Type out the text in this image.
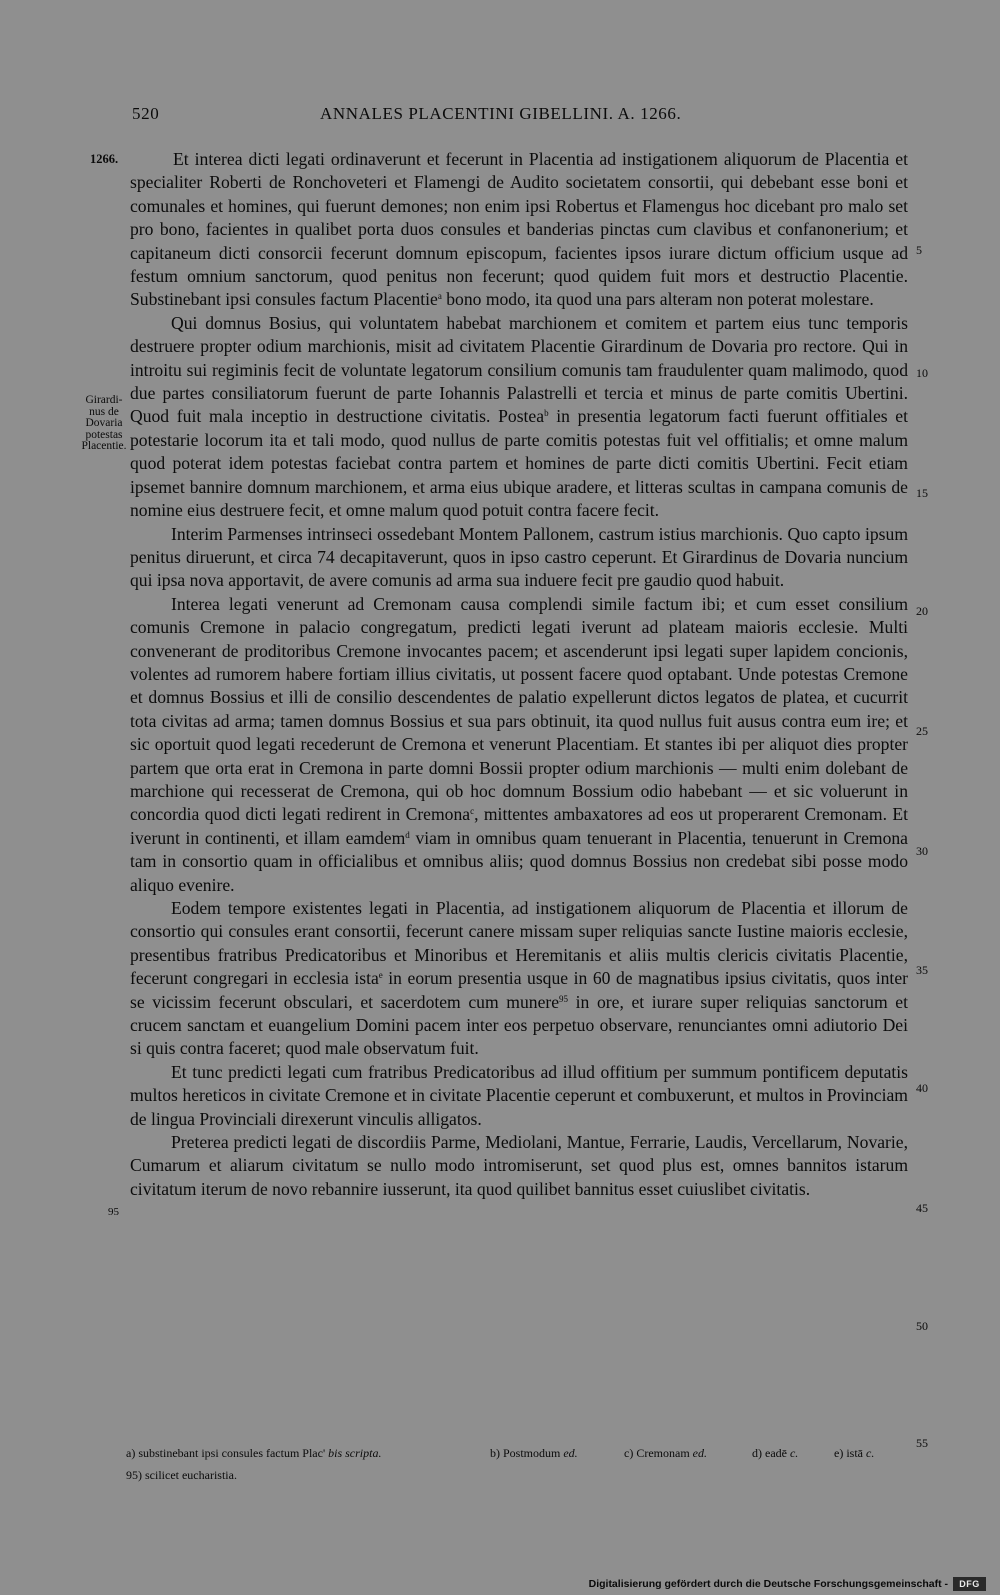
520	ANNALES PLACENTINI GIBELLINI. A. 1266.
1266.
Girardi-
nus de
Dovaria
potestas
Placentie.
95
5
10
15
20
25
30
35
40
45
50
55

Et interea dicti legati ordinaverunt et fecerunt in Placentia ad instigationem aliquorum de Placentia et specialiter Roberti de Ronchoveteri et Flamengi de Audito societatem consortii, qui debebant esse boni et comunales et homines, qui fuerunt demones; non enim ipsi Robertus et Flamengus hoc dicebant pro malo set pro bono, facientes in qualibet porta duos consules et banderias pinctas cum clavibus et confanonerium; et capitaneum dicti consorcii fecerunt domnum episcopum, facientes ipsos iurare dictum officium usque ad festum omnium sanctorum, quod penitus non fecerunt; quod quidem fuit mors et destructio Placentie. Substinebant ipsi consules factum Placentie$^a$ bono modo, ita quod una pars alteram non poterat molestare.

Qui domnus Bosius, qui voluntatem habebat marchionem et comitem et partem eius tunc temporis destruere propter odium marchionis, misit ad civitatem Placentie Girardinum de Dovaria pro rectore. Qui in introitu sui regiminis fecit de voluntate legatorum consilium comunis tam fraudulenter quam malimodo, quod due partes consiliatorum fuerunt de parte Iohannis Palastrelli et tercia et minus de parte comitis Ubertini. Quod fuit mala inceptio in destructione civitatis. Postea$^b$ in presentia legatorum facti fuerunt offitiales et potestarie locorum ita et tali modo, quod nullus de parte comitis potestas fuit vel offitialis; et omne malum quod poterat idem potestas faciebat contra partem et homines de parte dicti comitis Ubertini. Fecit etiam ipsemet bannire domnum marchionem, et arma eius ubique aradere, et litteras scultas in campana comunis de nomine eius destruere fecit, et omne malum quod potuit contra facere fecit.

Interim Parmenses intrinseci ossedebant Montem Pallonem, castrum istius marchionis. Quo capto ipsum penitus diruerunt, et circa 74 decapitaverunt, quos in ipso castro ceperunt. Et Girardinus de Dovaria nuncium qui ipsa nova apportavit, de avere comunis ad arma sua induere fecit pre gaudio quod habuit.

Interea legati venerunt ad Cremonam causa complendi simile factum ibi; et cum esset consilium comunis Cremone in palacio congregatum, predicti legati iverunt ad plateam maioris ecclesie. Multi convenerant de proditoribus Cremone invocantes pacem; et ascenderunt ipsi legati super lapidem concionis, volentes ad rumorem habere fortiam illius civitatis, ut possent facere quod optabant. Unde potestas Cremone et domnus Bossius et illi de consilio descendentes de palatio expellerunt dictos legatos de platea, et cucurrit tota civitas ad arma; tamen domnus Bossius et sua pars obtinuit, ita quod nullus fuit ausus contra eum ire; et sic oportuit quod legati recederunt de Cremona et venerunt Placentiam. Et stantes ibi per aliquot dies propter partem que orta erat in Cremona in parte domni Bossii propter odium marchionis — multi enim dolebant de marchione qui recesserat de Cremona, qui ob hoc domnum Bossium odio habebant — et sic voluerunt in concordia quod dicti legati redirent in Cremona$^c$, mittentes ambaxatores ad eos ut properarent Cremonam. Et iverunt in continenti, et illam eamdem$^d$ viam in omnibus quam tenuerant in Placentia, tenuerunt in Cremona tam in consortio quam in officialibus et omnibus aliis; quod domnus Bossius non credebat sibi posse modo aliquo evenire.

Eodem tempore existentes legati in Placentia, ad instigationem aliquorum de Placentia et illorum de consortio qui consules erant consortii, fecerunt canere missam super reliquias sancte Iustine maioris ecclesie, presentibus fratribus Predicatoribus et Minoribus et Heremitanis et aliis multis clericis civitatis Placentie, fecerunt congregari in ecclesia ista$^e$ in eorum presentia usque in 60 de magnatibus ipsius civitatis, quos inter se vicissim fecerunt obsculari, et sacerdotem cum munere$^{95}$ in ore, et iurare super reliquias sanctorum et crucem sanctam et euangelium Domini pacem inter eos perpetuo observare, renunciantes omni adiutorio Dei si quis contra faceret; quod male observatum fuit.

Et tunc predicti legati cum fratribus Predicatoribus ad illud offitium per summum pontificem deputatis multos hereticos in civitate Cremone et in civitate Placentie ceperunt et combuxerunt, et multos in Provinciam de lingua Provinciali direxerunt vinculis alligatos.

Preterea predicti legati de discordiis Parme, Mediolani, Mantue, Ferrarie, Laudis, Vercellarum, Novarie, Cumarum et aliarum civitatum se nullo modo intromiserunt, set quod plus est, omnes bannitos istarum civitatum iterum de novo rebannire iusserunt, ita quod quilibet bannitus esset cuiuslibet civitatis.

a) substinebant ipsi consules factum Plac' bis scripta.	b) Postmodum ed.	c) Cremonam ed.	d) eadē c.	e) istā c.
95) scilicet eucharistia.
Digitalisierung gefördert durch die Deutsche Forschungsgemeinschaft -	DFG
